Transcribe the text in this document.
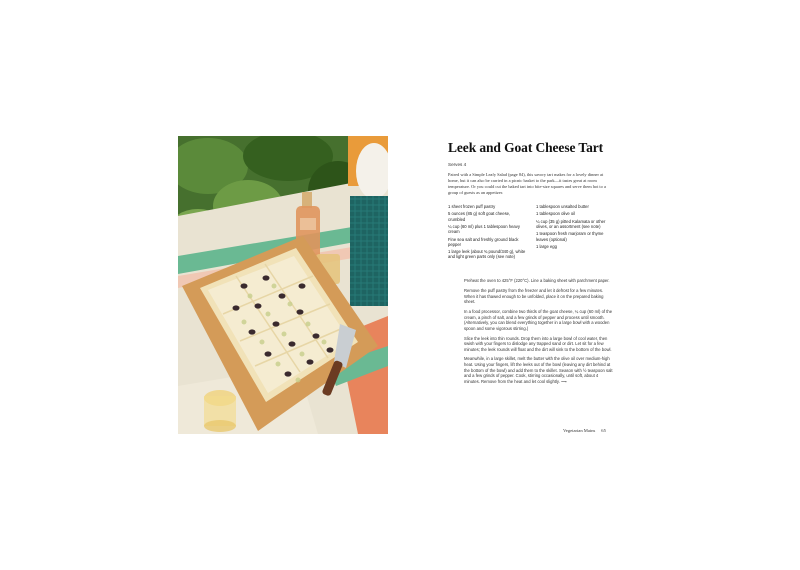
Leek and Goat Cheese Tart
Serves 4

Paired with a Simple Leafy Salad (page 84), this savory tart makes for a lovely dinner at home, but it can also be carried in a picnic basket to the park—it tastes great at room temperature. Or you could cut the baked tart into bite-size squares and serve them hot to a group of guests as an appetizer.

1 sheet frozen puff pastry
5 ounces (85 g) soft goat cheese, crumbled
¼ cup (60 ml) plus 1 tablespoon heavy cream
Fine sea salt and freshly ground black pepper
1 large leek (about ¾ pound/340 g), white and light green parts only (see note)
1 tablespoon unsalted butter
1 tablespoon olive oil
¼ cup (35 g) pitted Kalamata or other olives, or an assortment (see note)
1 teaspoon fresh marjoram or thyme leaves (optional)
1 large egg

Preheat the oven to 425°F (220°C). Line a baking sheet with parchment paper.

Remove the puff pastry from the freezer and let it defrost for a few minutes. When it has thawed enough to be unfolded, place it on the prepared baking sheet.

In a food processor, combine two thirds of the goat cheese, ¼ cup (60 ml) of the cream, a pinch of salt, and a few grinds of pepper and process until smooth. (Alternatively, you can blend everything together in a large bowl with a wooden spoon and some vigorous stirring.)

Slice the leek into thin rounds. Drop them into a large bowl of cool water, then swish with your fingers to dislodge any trapped sand or dirt. Let sit for a few minutes; the leek rounds will float and the dirt will sink to the bottom of the bowl.

Meanwhile, in a large skillet, melt the butter with the olive oil over medium-high heat. Using your fingers, lift the leeks out of the bowl (leaving any dirt behind at the bottom of the bowl) and add them to the skillet. Season with ½ teaspoon salt and a few grinds of pepper. Cook, stirring occasionally, until soft, about 4 minutes. Remove from the heat and let cool slightly. ⟶

Vegetarian Mains 65
